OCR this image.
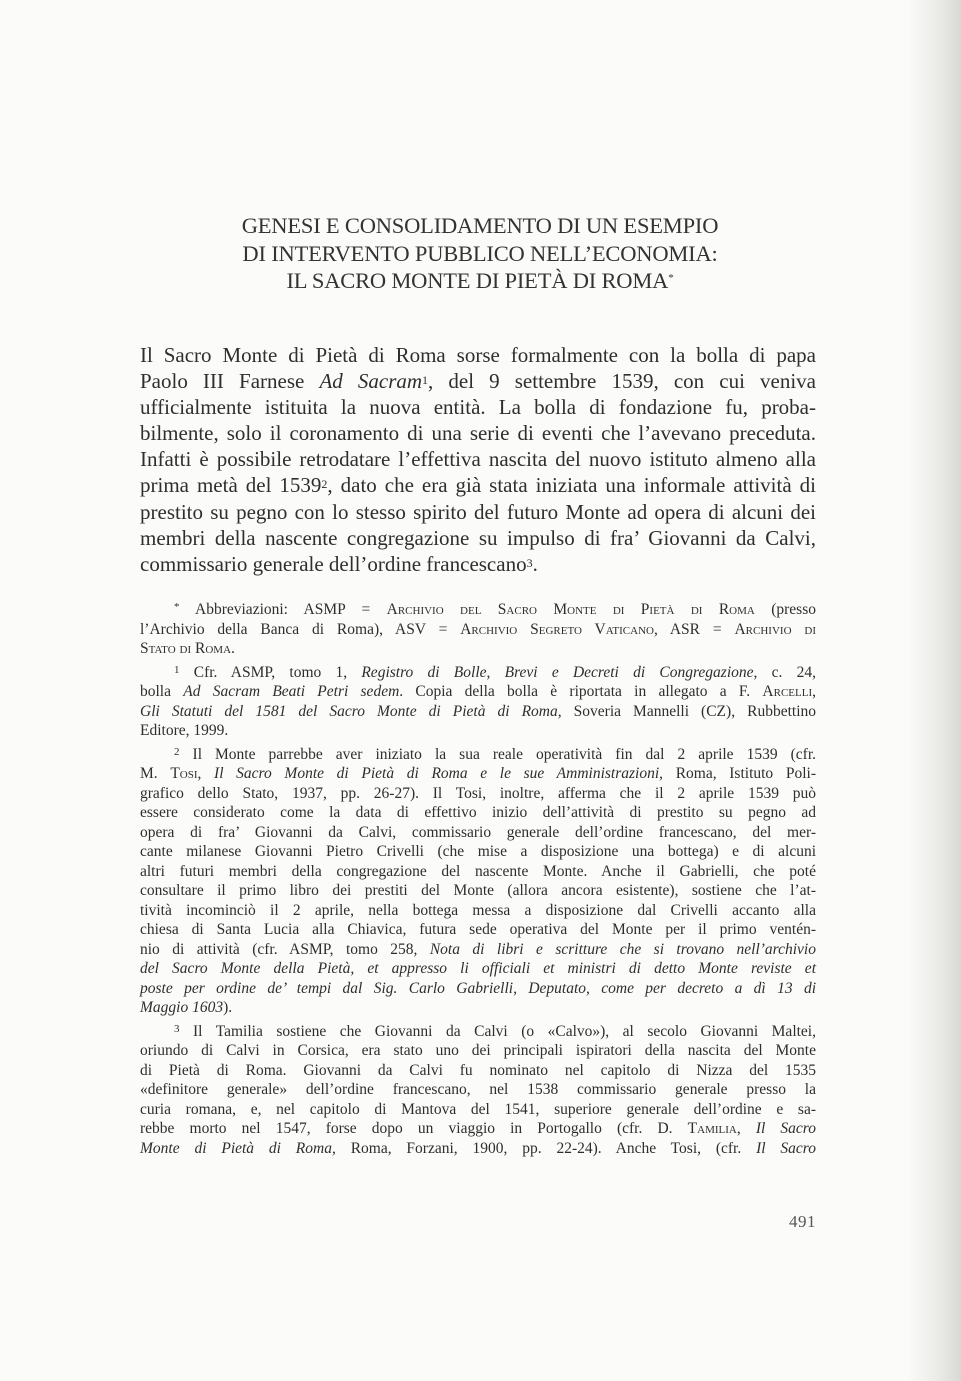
GENESI E CONSOLIDAMENTO DI UN ESEMPIO
DI INTERVENTO PUBBLICO NELL’ECONOMIA:
IL SACRO MONTE DI PIETÀ DI ROMA*
Il Sacro Monte di Pietà di Roma sorse formalmente con la bolla di papa
Paolo III Farnese Ad Sacram$^1$, del 9 settembre 1539, con cui veniva
ufficialmente istituita la nuova entità. La bolla di fondazione fu, proba-
bilmente, solo il coronamento di una serie di eventi che l’avevano preceduta.
Infatti è possibile retrodatare l’effettiva nascita del nuovo istituto almeno alla
prima metà del 1539$^2$, dato che era già stata iniziata una informale attività di
prestito su pegno con lo stesso spirito del futuro Monte ad opera di alcuni dei
membri della nascente congregazione su impulso di fra’ Giovanni da Calvi,
commissario generale dell’ordine francescano$^3$.
* Abbreviazioni: ASMP = Archivio del Sacro Monte di Pietà di Roma (presso
l’Archivio della Banca di Roma), ASV = Archivio Segreto Vaticano, ASR = Archivio di
Stato di Roma.
$^1$ Cfr. ASMP, tomo 1, Registro di Bolle, Brevi e Decreti di Congregazione, c. 24,
bolla Ad Sacram Beati Petri sedem. Copia della bolla è riportata in allegato a F. Arcelli,
Gli Statuti del 1581 del Sacro Monte di Pietà di Roma, Soveria Mannelli (CZ), Rubbettino
Editore, 1999.
$^2$ Il Monte parrebbe aver iniziato la sua reale operatività fin dal 2 aprile 1539 (cfr.
M. Tosi, Il Sacro Monte di Pietà di Roma e le sue Amministrazioni, Roma, Istituto Poli-
grafico dello Stato, 1937, pp. 26-27). Il Tosi, inoltre, afferma che il 2 aprile 1539 può
essere considerato come la data di effettivo inizio dell’attività di prestito su pegno ad
opera di fra’ Giovanni da Calvi, commissario generale dell’ordine francescano, del mer-
cante milanese Giovanni Pietro Crivelli (che mise a disposizione una bottega) e di alcuni
altri futuri membri della congregazione del nascente Monte. Anche il Gabrielli, che poté
consultare il primo libro dei prestiti del Monte (allora ancora esistente), sostiene che l’at-
tività incominciò il 2 aprile, nella bottega messa a disposizione dal Crivelli accanto alla
chiesa di Santa Lucia alla Chiavica, futura sede operativa del Monte per il primo ventén-
nio di attività (cfr. ASMP, tomo 258, Nota di libri e scritture che si trovano nell’archivio
del Sacro Monte della Pietà, et appresso li officiali et ministri di detto Monte reviste et
poste per ordine de’ tempi dal Sig. Carlo Gabrielli, Deputato, come per decreto a dì 13 di
Maggio 1603).
$^3$ Il Tamilia sostiene che Giovanni da Calvi (o «Calvo»), al secolo Giovanni Maltei,
oriundo di Calvi in Corsica, era stato uno dei principali ispiratori della nascita del Monte
di Pietà di Roma. Giovanni da Calvi fu nominato nel capitolo di Nizza del 1535
«definitore generale» dell’ordine francescano, nel 1538 commissario generale presso la
curia romana, e, nel capitolo di Mantova del 1541, superiore generale dell’ordine e sa-
rebbe morto nel 1547, forse dopo un viaggio in Portogallo (cfr. D. Tamilia, Il Sacro
Monte di Pietà di Roma, Roma, Forzani, 1900, pp. 22-24). Anche Tosi, (cfr. Il Sacro
491
